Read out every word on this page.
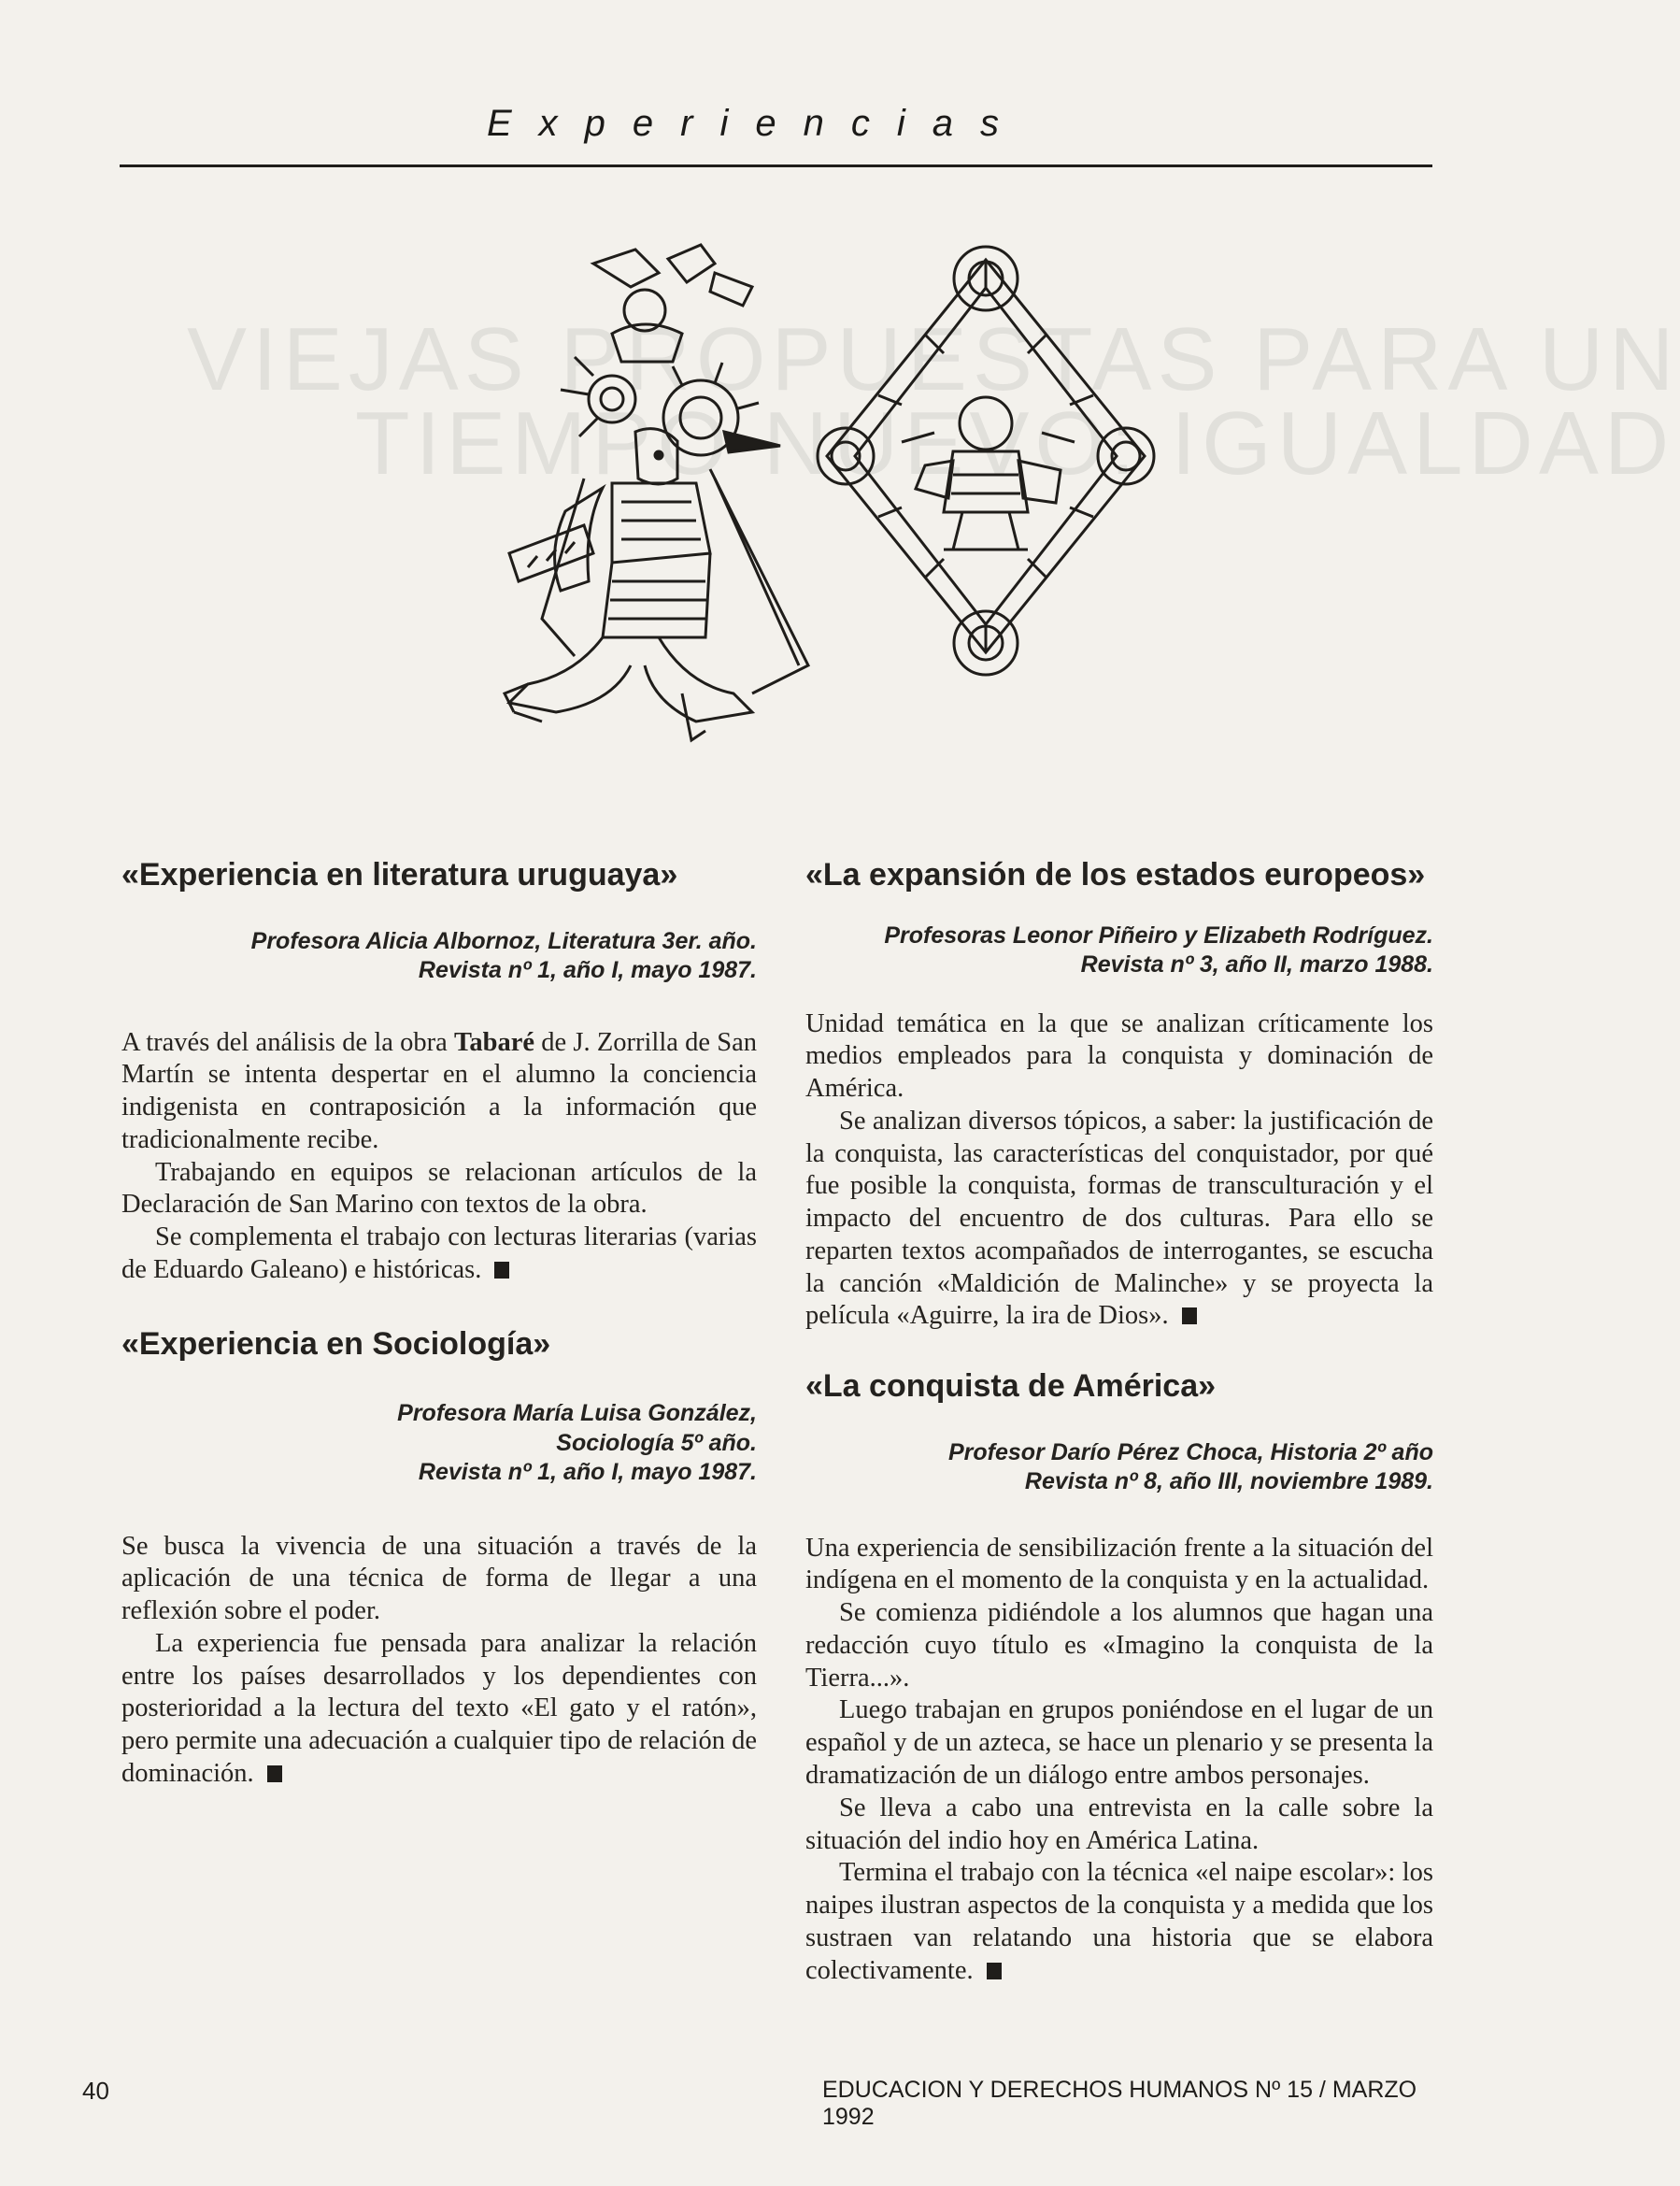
VIEJAS PROPUESTAS PARA UN
TIEMPO NUEVO: IGUALDAD
Experiencias
«Experiencia en literatura uruguaya»

Profesora Alicia Albornoz, Literatura 3er. año.

Revista nº 1, año I, mayo 1987.

A través del análisis de la obra Tabaré de J. Zorrilla de San Martín se intenta despertar en el alumno la conciencia indigenista en contraposición a la información que tradicionalmente recibe.

Trabajando en equipos se relacionan artículos de la Declaración de San Marino con textos de la obra.

Se complementa el trabajo con lecturas literarias (varias de Eduardo Galeano) e históricas.

«Experiencia en Sociología»

Profesora María Luisa González,

Sociología 5º año.

Revista nº 1, año I, mayo 1987.

Se busca la vivencia de una situación a través de la aplicación de una técnica de forma de llegar a una reflexión sobre el poder.

La experiencia fue pensada para analizar la relación entre los países desarrollados y los dependientes con posterioridad a la lectura del texto «El gato y el ratón», pero permite una adecuación a cualquier tipo de relación de dominación.

«La expansión de los estados europeos»

Profesoras Leonor Piñeiro y Elizabeth Rodríguez.

Revista nº 3, año II, marzo 1988.

Unidad temática en la que se analizan críticamente los medios empleados para la conquista y dominación de América.

Se analizan diversos tópicos, a saber: la justificación de la conquista, las características del conquistador, por qué fue posible la conquista, formas de transculturación y el impacto del encuentro de dos culturas. Para ello se reparten textos acompañados de interrogantes, se escucha la canción «Maldición de Malinche» y se proyecta la película «Aguirre, la ira de Dios».

«La conquista de América»

Profesor Darío Pérez Choca, Historia 2º año

Revista nº 8, año III, noviembre 1989.

Una experiencia de sensibilización frente a la situación del indígena en el momento de la conquista y en la actualidad.

Se comienza pidiéndole a los alumnos que hagan una redacción cuyo título es «Imagino la conquista de la Tierra...».

Luego trabajan en grupos poniéndose en el lugar de un español y de un azteca, se hace un plenario y se presenta la dramatización de un diálogo entre ambos personajes.

Se lleva a cabo una entrevista en la calle sobre la situación del indio hoy en América Latina.

Termina el trabajo con la técnica «el naipe escolar»: los naipes ilustran aspectos de la conquista y a medida que los sustraen van relatando una historia que se elabora colectivamente.

40	EDUCACION Y DERECHOS HUMANOS Nº 15 / MARZO 1992
